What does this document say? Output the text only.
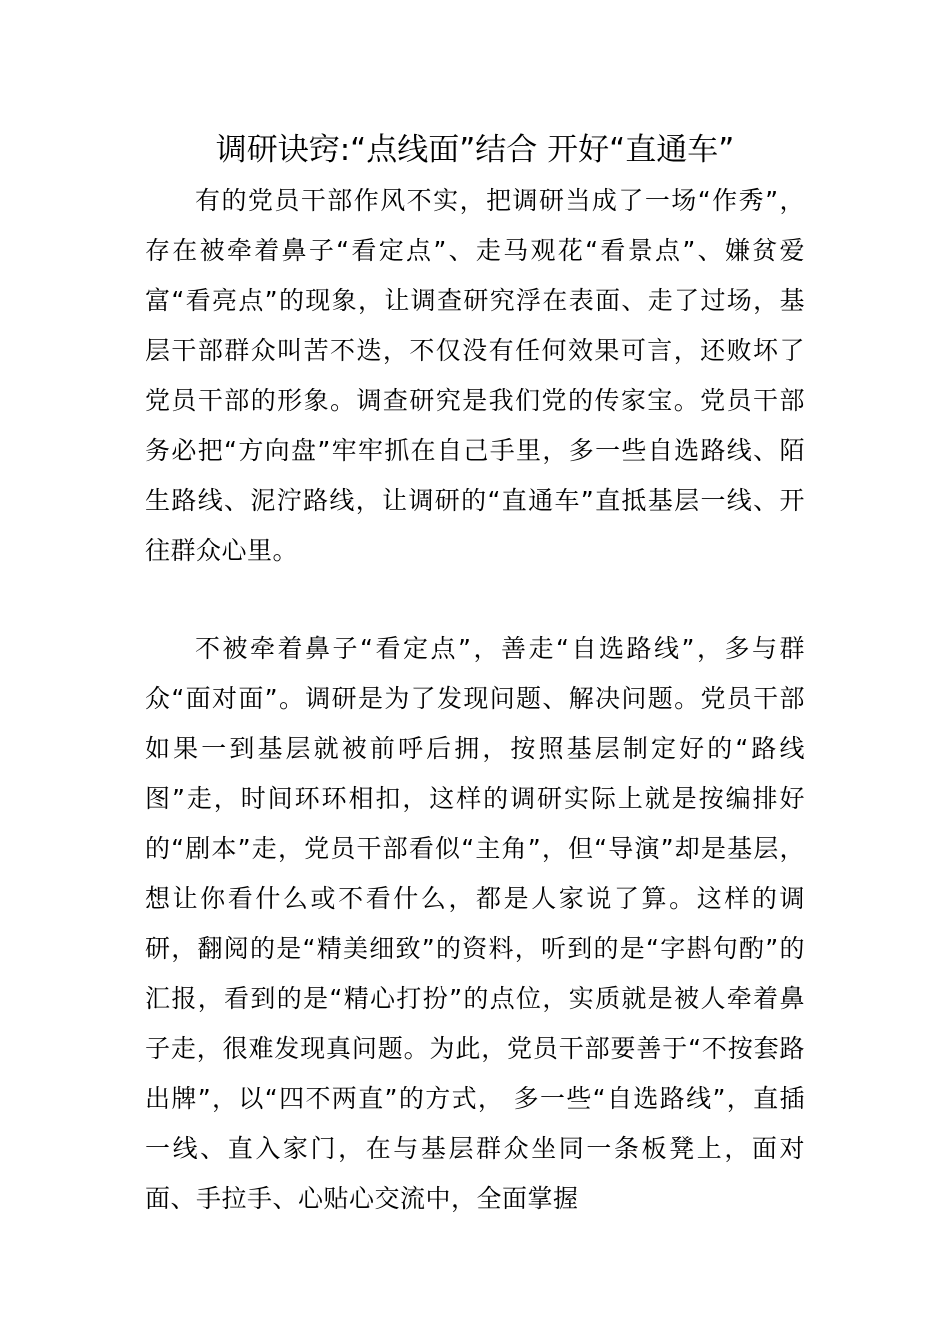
调研诀窍:“点线面”结合 开好“直通车”

有的党员干部作风不实，把调研当成了一场“作秀”，存在被牵着鼻子“看定点”、走马观花“看景点”、嫌贫爱富“看亮点”的现象，让调查研究浮在表面、走了过场，基层干部群众叫苦不迭，不仅没有任何效果可言，还败坏了党员干部的形象。调查研究是我们党的传家宝。党员干部务必把“方向盘”牢牢抓在自己手里，多一些自选路线、陌生路线、泥泞路线，让调研的“直通车”直抵基层一线、开往群众心里。

不被牵着鼻子“看定点”，善走“自选路线”，多与群众“面对面”。调研是为了发现问题、解决问题。党员干部如果一到基层就被前呼后拥，按照基层制定好的“路线图”走，时间环环相扣，这样的调研实际上就是按编排好的“剧本”走，党员干部看似“主角”，但“导演”却是基层，想让你看什么或不看什么，都是人家说了算。这样的调研，翻阅的是“精美细致”的资料，听到的是“字斟句酌”的汇报，看到的是“精心打扮”的点位，实质就是被人牵着鼻子走，很难发现真问题。为此，党员干部要善于“不按套路出牌”，以“四不两直”的方式， 多一些“自选路线”，直插一线、直入家门，在与基层群众坐同一条板凳上，面对面、手拉手、心贴心交流中，全面掌握
